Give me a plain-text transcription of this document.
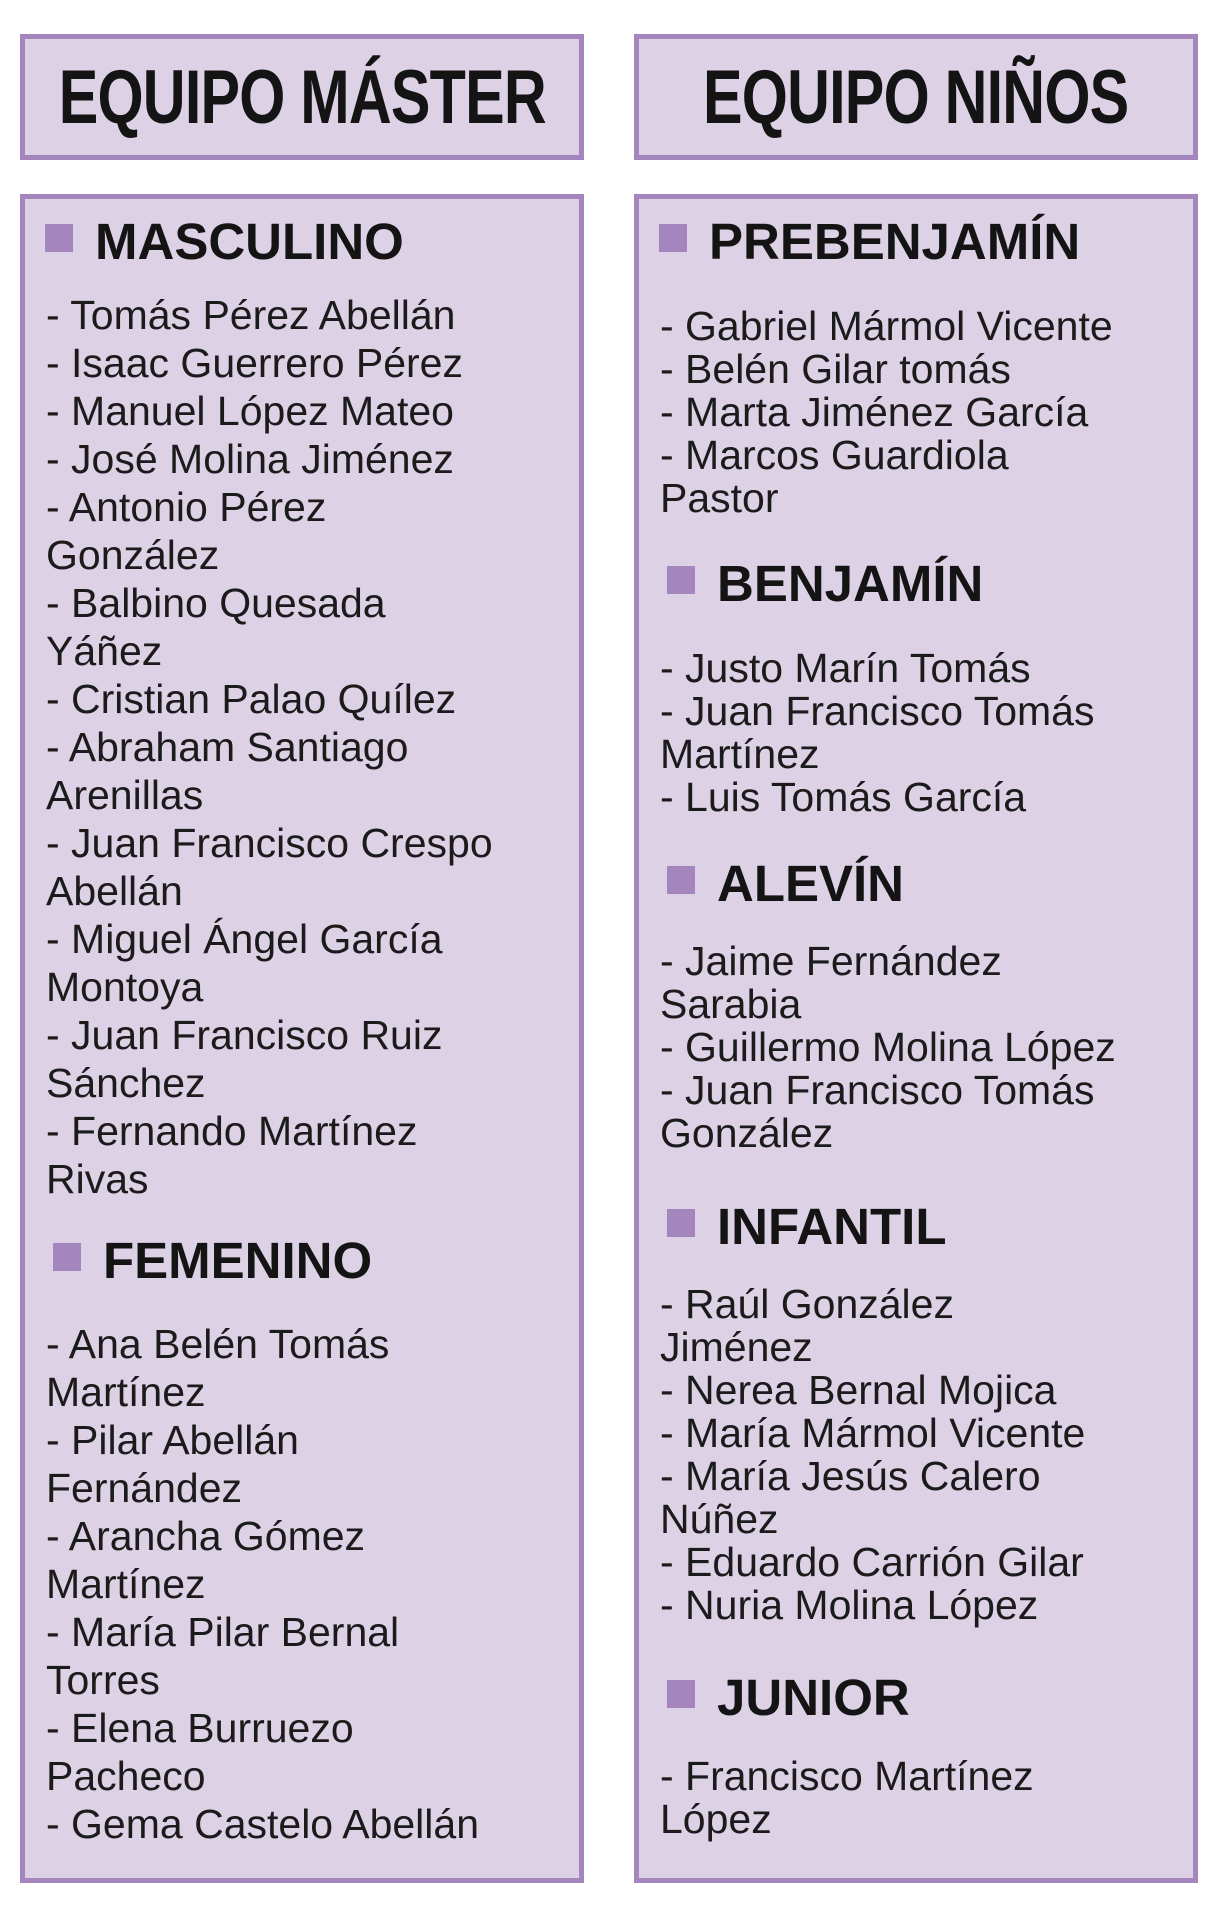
EQUIPO MÁSTER EQUIPO NIÑOS
MASCULINO
- Tomás Pérez Abellán
- Isaac Guerrero Pérez
- Manuel López Mateo
- José Molina Jiménez
- Antonio Pérez
González
- Balbino Quesada
Yáñez
- Cristian Palao Quílez
- Abraham Santiago
Arenillas
- Juan Francisco Crespo
Abellán
- Miguel Ángel García
Montoya
- Juan Francisco Ruiz
Sánchez
- Fernando Martínez
Rivas
FEMENINO
- Ana Belén Tomás
Martínez
- Pilar Abellán
Fernández
- Arancha Gómez
Martínez
- María Pilar Bernal
Torres
- Elena Burruezo
Pacheco
- Gema Castelo Abellán
PREBENJAMÍN
- Gabriel Mármol Vicente
- Belén Gilar tomás
- Marta Jiménez García
- Marcos Guardiola
Pastor
BENJAMÍN
- Justo Marín Tomás
- Juan Francisco Tomás
Martínez
- Luis Tomás García
ALEVÍN
- Jaime Fernández
Sarabia
- Guillermo Molina López
- Juan Francisco Tomás
González
INFANTIL
- Raúl González
Jiménez
- Nerea Bernal Mojica
- María Mármol Vicente
- María Jesús Calero
Núñez
- Eduardo Carrión Gilar
- Nuria Molina López
JUNIOR
- Francisco Martínez
López
